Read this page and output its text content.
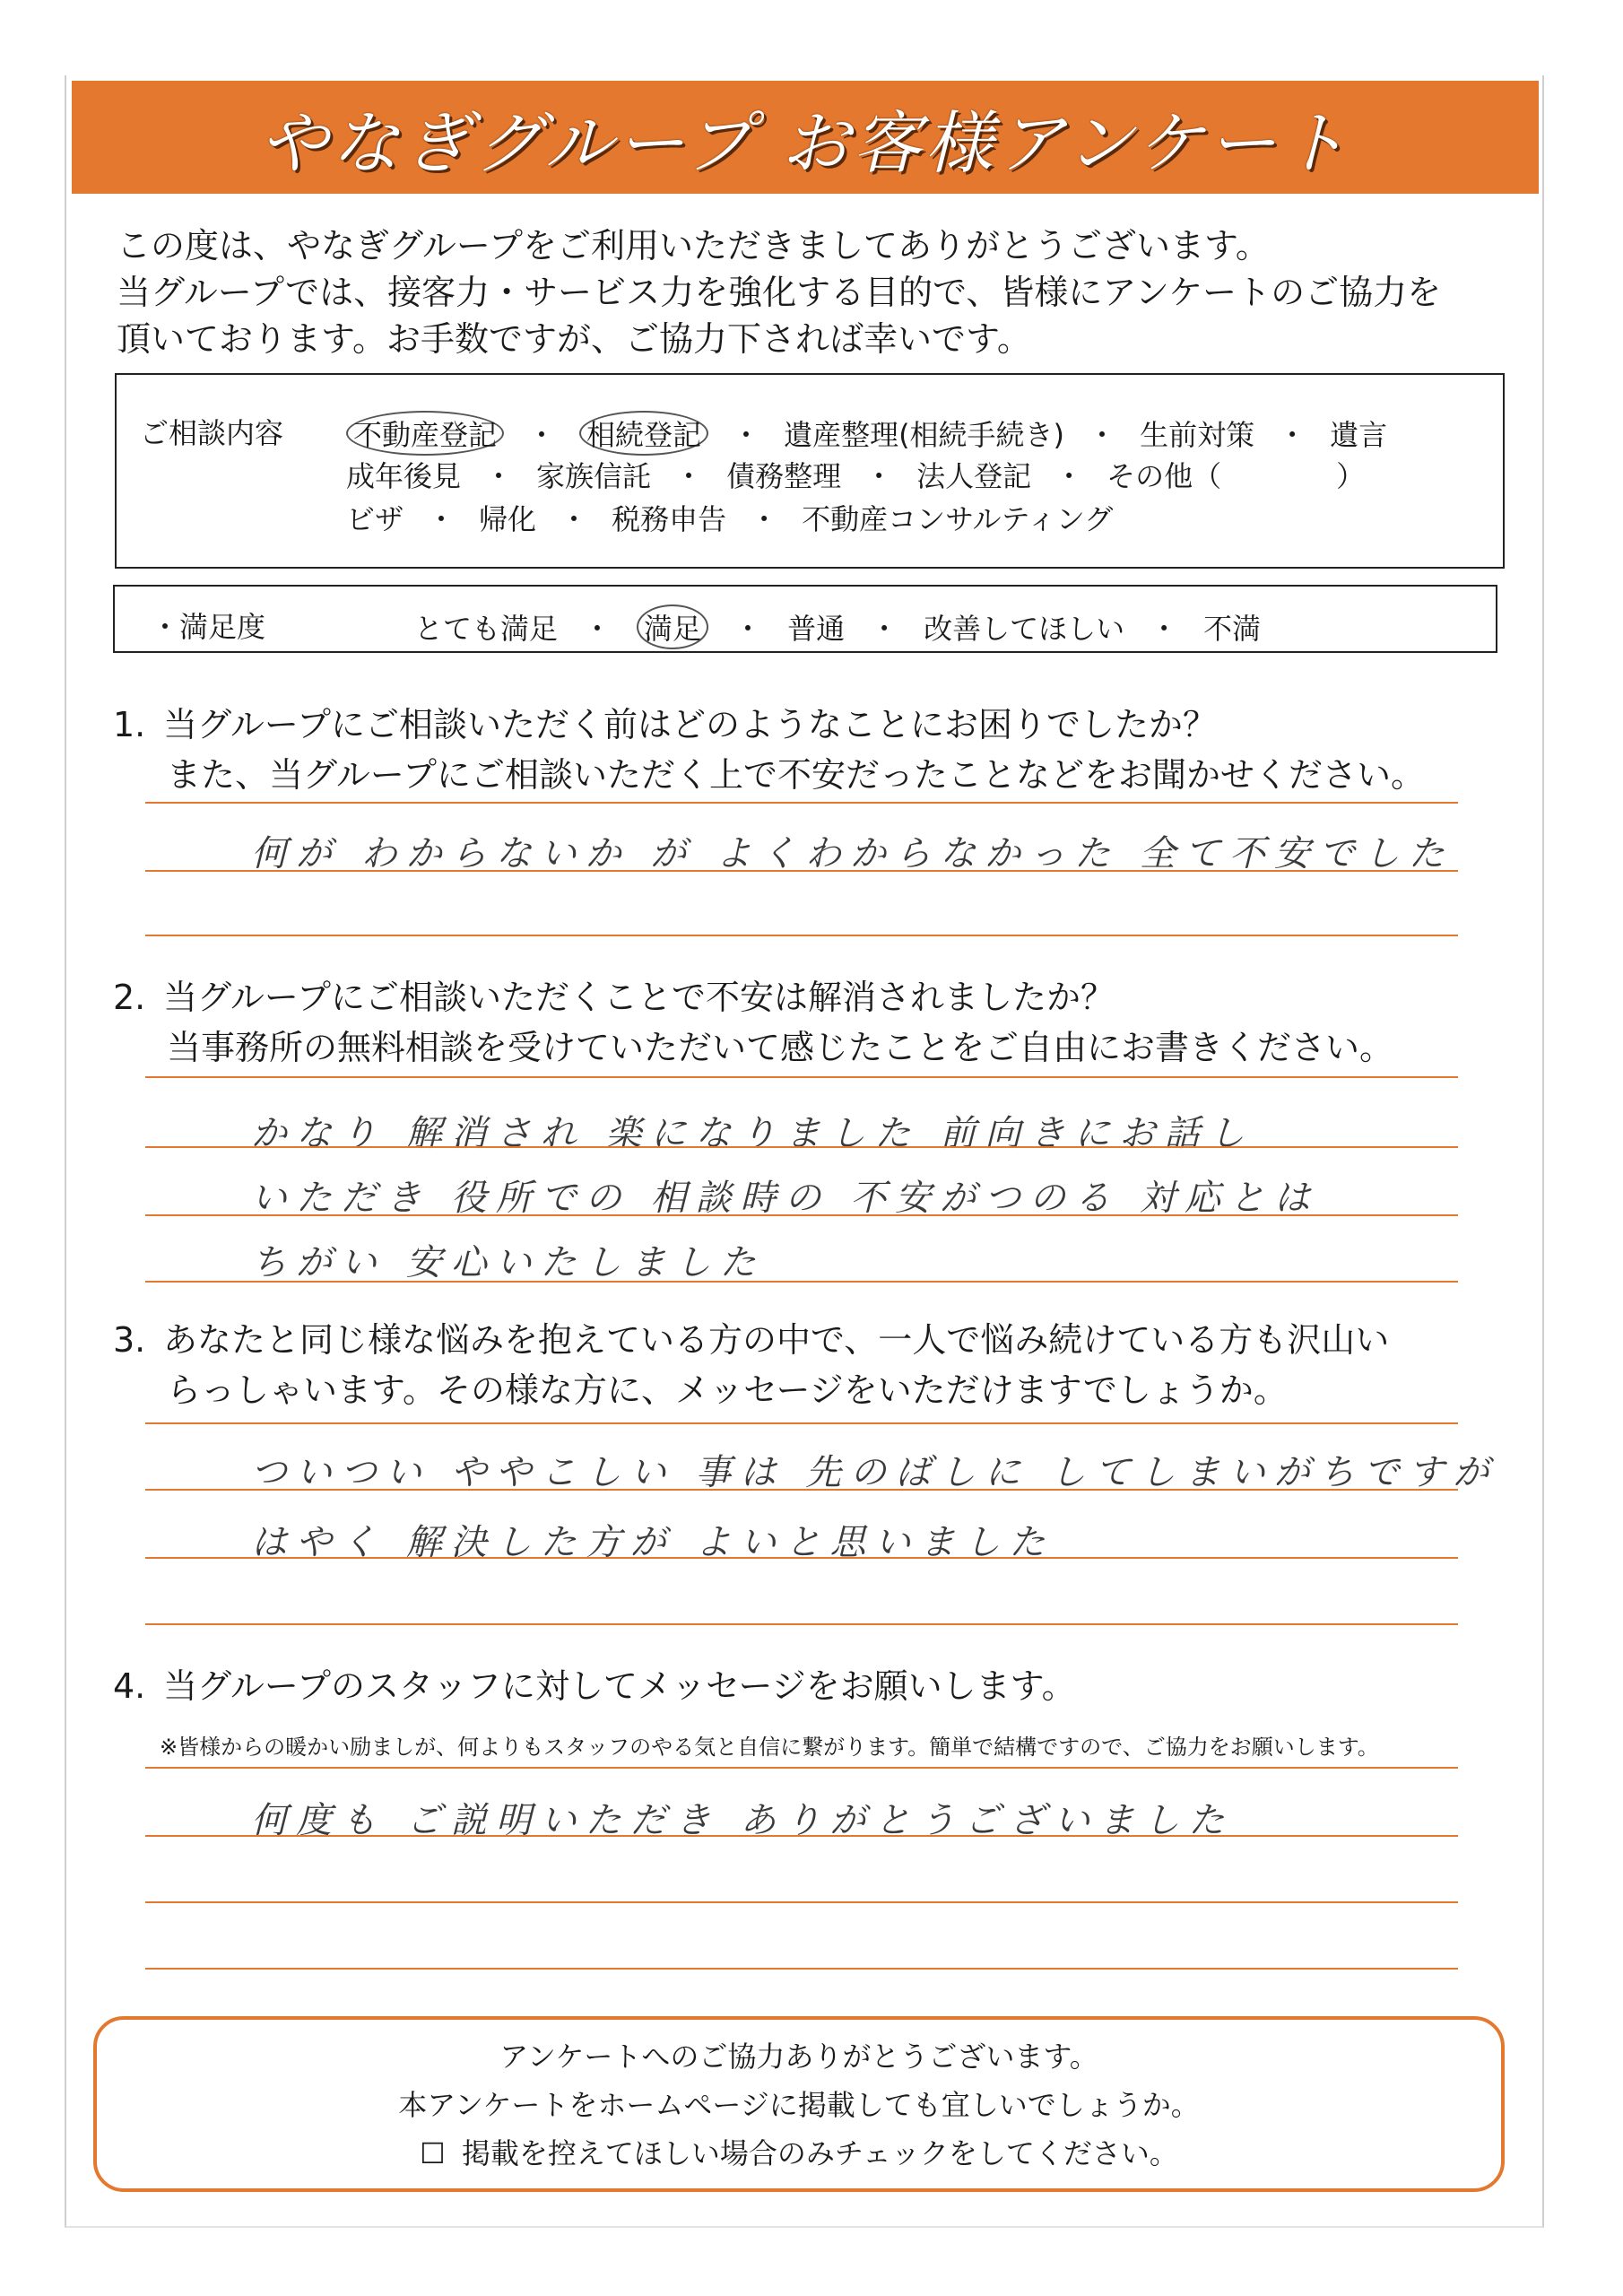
やなぎグループ お客様アンケート
この度は、やなぎグループをご利用いただきましてありがとうございます。
当グループでは、接客力・サービス力を強化する目的で、皆様にアンケートのご協力を
頂いております。お手数ですが、ご協力下されば幸いです。
ご相談内容 不動産登記 ・ 相続登記 ・ 遺産整理(相続手続き) ・ 生前対策 ・ 遺言
成年後見 ・ 家族信託 ・ 債務整理 ・ 法人登記 ・ その他（　　　　）
ビザ ・ 帰化 ・ 税務申告 ・ 不動産コンサルティング
・満足度	とても満足 ・ 満足 ・ 普通 ・ 改善してほしい ・ 不満
1. 当グループにご相談いただく前はどのようなことにお困りでしたか？
また、当グループにご相談いただく上で不安だったことなどをお聞かせください。
何が わからないか が よくわからなかった 全て不安でした
2. 当グループにご相談いただくことで不安は解消されましたか？
当事務所の無料相談を受けていただいて感じたことをご自由にお書きください。
かなり 解消され 楽になりました 前向きにお話し
いただき 役所での 相談時の 不安がつのる 対応とは
ちがい 安心いたしました
3. あなたと同じ様な悩みを抱えている方の中で、一人で悩み続けている方も沢山い
らっしゃいます。その様な方に、メッセージをいただけますでしょうか。
ついつい ややこしい 事は 先のばしに してしまいがちですが
はやく 解決した方が よいと思いました
4. 当グループのスタッフに対してメッセージをお願いします。
※皆様からの暖かい励ましが、何よりもスタッフのやる気と自信に繋がります。簡単で結構ですので、ご協力をお願いします。
何度も ご説明いただき ありがとうございました
アンケートへのご協力ありがとうございます。
本アンケートをホームページに掲載しても宜しいでしょうか。
☐ 掲載を控えてほしい場合のみチェックをしてください。
